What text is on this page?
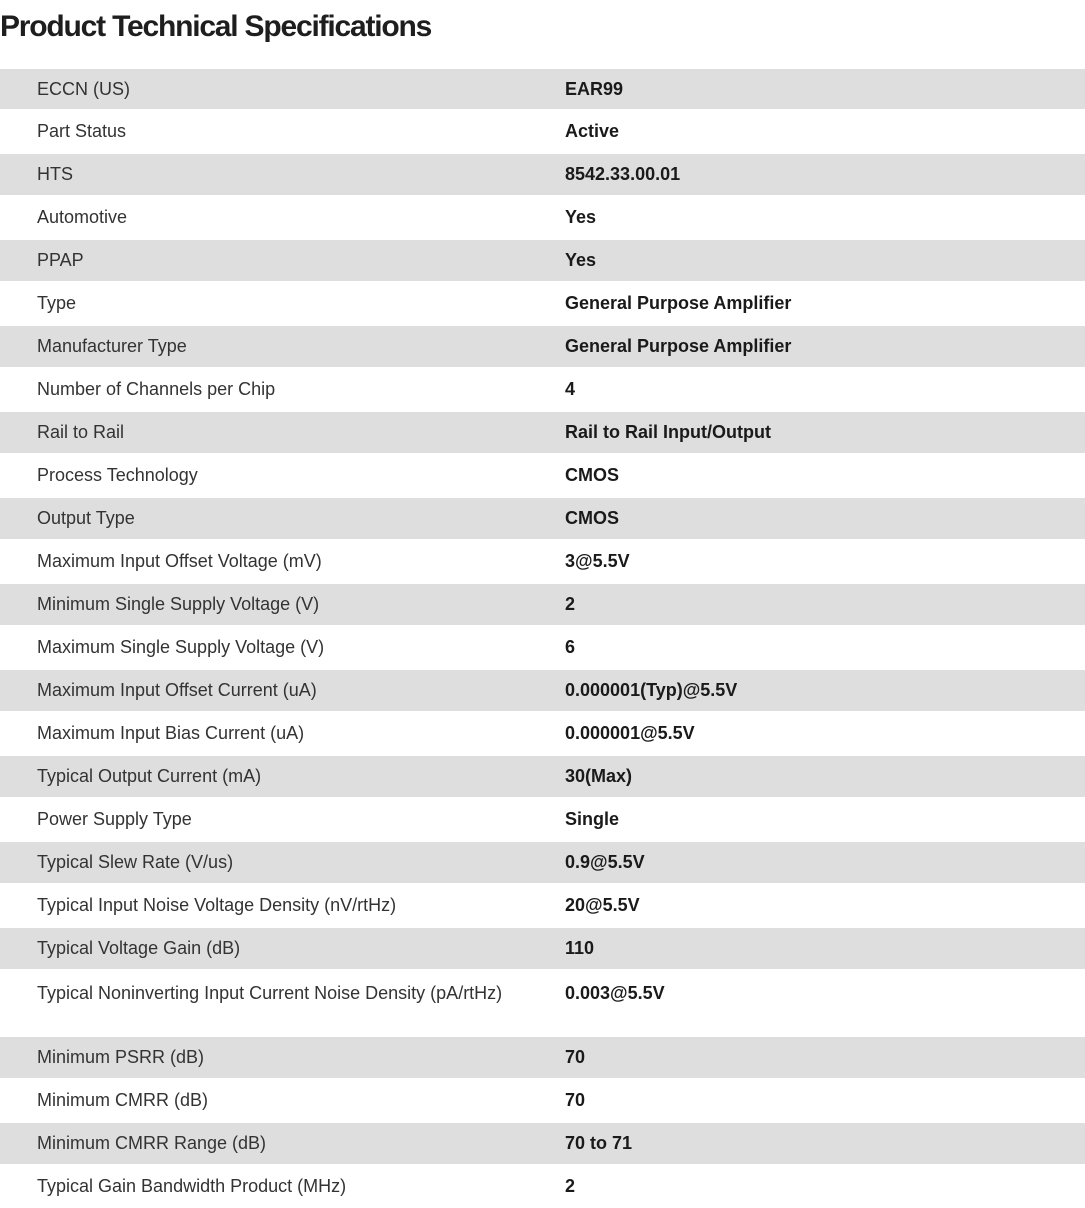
Product Technical Specifications
ECCN (US)	EAR99
Part Status	Active
HTS	8542.33.00.01
Automotive	Yes
PPAP	Yes
Type	General Purpose Amplifier
Manufacturer Type	General Purpose Amplifier
Number of Channels per Chip	4
Rail to Rail	Rail to Rail Input/Output
Process Technology	CMOS
Output Type	CMOS
Maximum Input Offset Voltage (mV)	3@5.5V
Minimum Single Supply Voltage (V)	2
Maximum Single Supply Voltage (V)	6
Maximum Input Offset Current (uA)	0.000001(Typ)@5.5V
Maximum Input Bias Current (uA)	0.000001@5.5V
Typical Output Current (mA)	30(Max)
Power Supply Type	Single
Typical Slew Rate (V/us)	0.9@5.5V
Typical Input Noise Voltage Density (nV/rtHz)	20@5.5V
Typical Voltage Gain (dB)	110
Typical Noninverting Input Current Noise Density (pA/rtHz)	0.003@5.5V
Minimum PSRR (dB)	70
Minimum CMRR (dB)	70
Minimum CMRR Range (dB)	70 to 71
Typical Gain Bandwidth Product (MHz)	2
